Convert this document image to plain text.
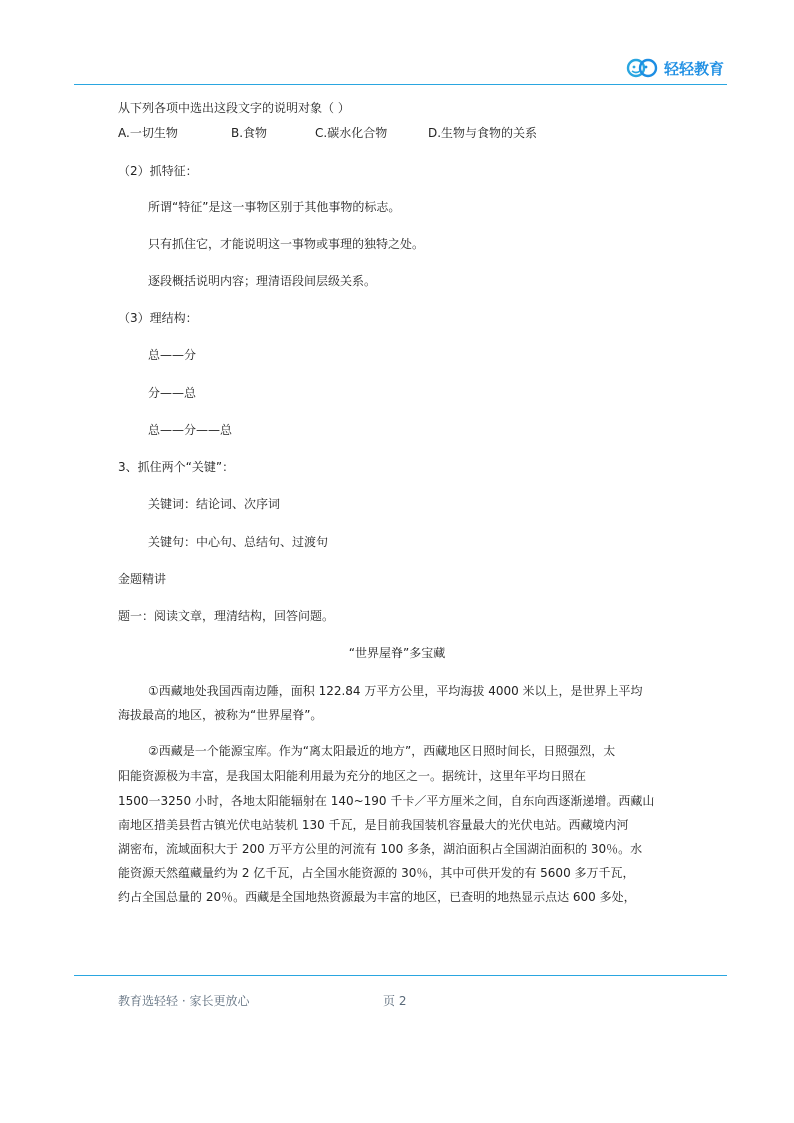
轻轻教育
从下列各项中选出这段文字的说明对象（ ）
A.一切生物	B.食物	C.碳水化合物	D.生物与食物的关系
（2）抓特征：
所谓“特征”是这一事物区别于其他事物的标志。
只有抓住它，才能说明这一事物或事理的独特之处。
逐段概括说明内容；理清语段间层级关系。
（3）理结构：
总——分
分——总
总——分——总
3、抓住两个“关键”：
关键词：结论词、次序词
关键句：中心句、总结句、过渡句
金题精讲
题一：阅读文章，理清结构，回答问题。
“世界屋脊”多宝藏
①西藏地处我国西南边陲，面积 122.84 万平方公里，平均海拔 4000 米以上，是世界上平均
海拔最高的地区，被称为“世界屋脊”。
②西藏是一个能源宝库。作为“离太阳最近的地方”，西藏地区日照时间长，日照强烈，太
阳能资源极为丰富，是我国太阳能利用最为充分的地区之一。据统计，这里年平均日照在
1500一3250 小时，各地太阳能辐射在 140~190 千卡／平方厘米之间，自东向西逐渐递增。西藏山
南地区措美县哲古镇光伏电站装机 130 千瓦，是目前我国装机容量最大的光伏电站。西藏境内河
湖密布，流域面积大于 200 万平方公里的河流有 100 多条，湖泊面积占全国湖泊面积的 30％。水
能资源天然蕴藏量约为 2 亿千瓦，占全国水能资源的 30％，其中可供开发的有 5600 多万千瓦，
约占全国总量的 20％。西藏是全国地热资源最为丰富的地区，已查明的地热显示点达 600 多处，
教育选轻轻 · 家长更放心	页 2
